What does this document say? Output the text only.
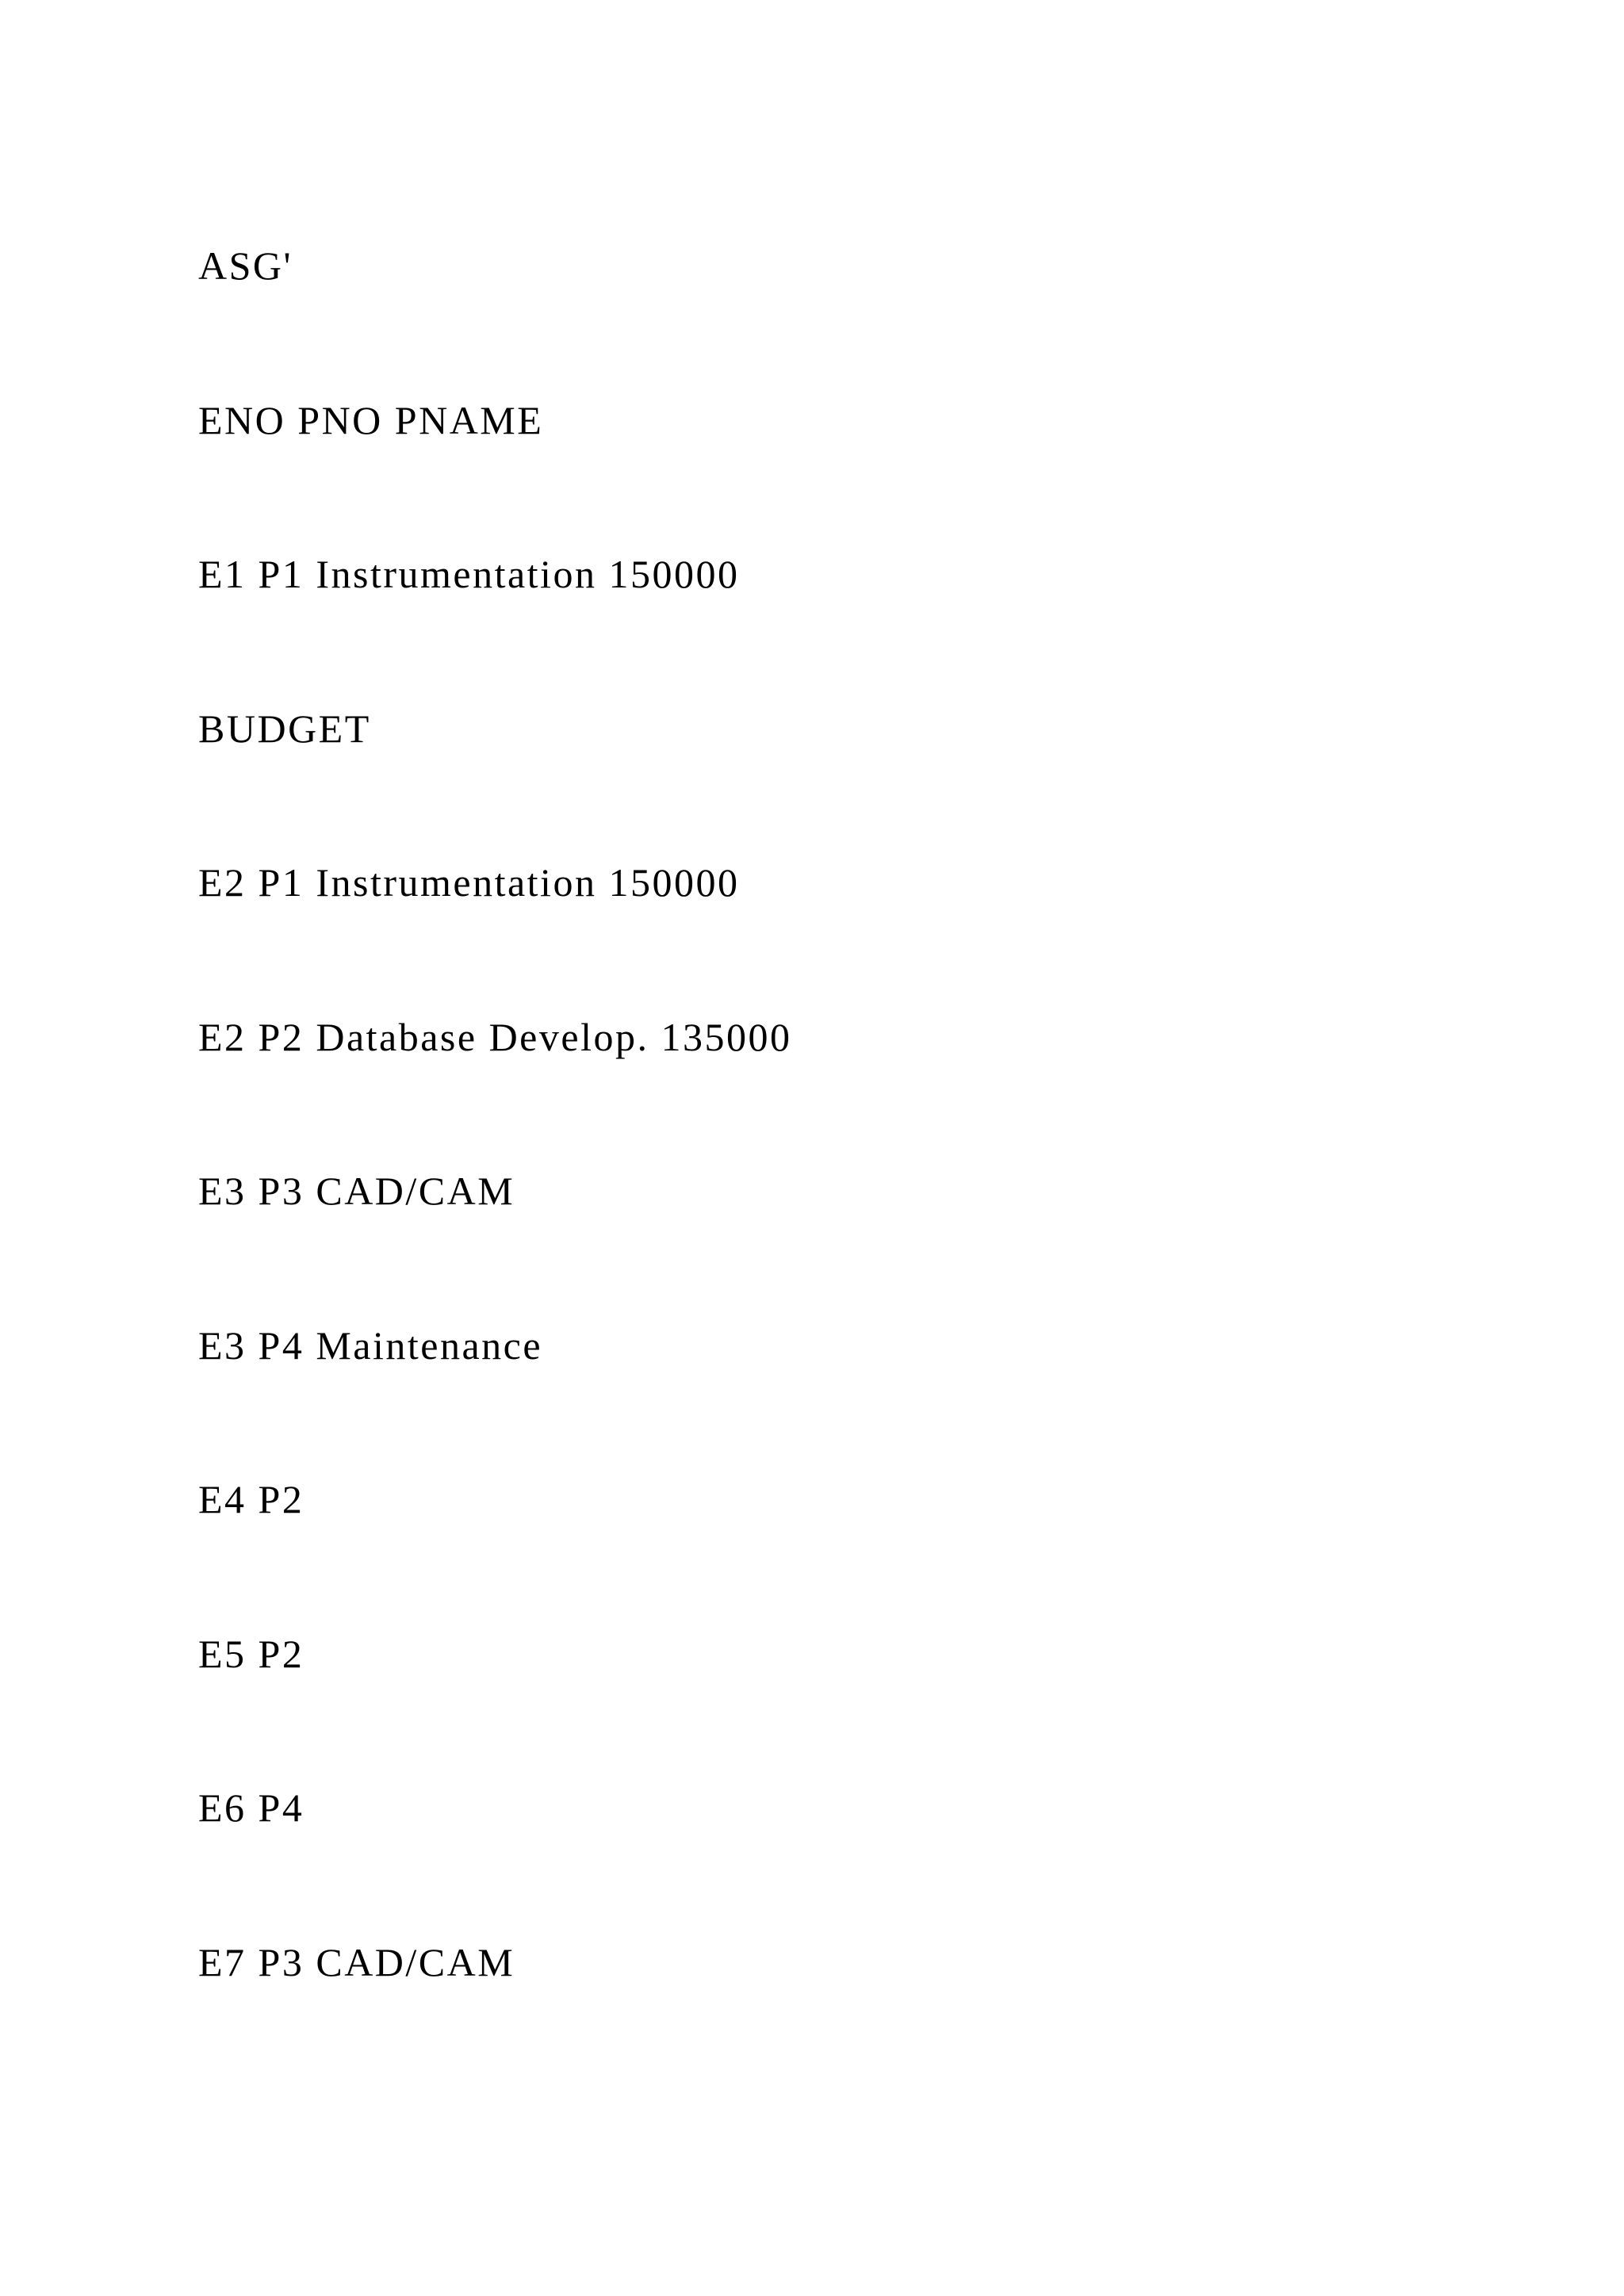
ASG'
ENO PNO PNAME
E1 P1 Instrumentation 150000
BUDGET
E2 P1 Instrumentation 150000
E2 P2 Database Develop. 135000
E3 P3 CAD/CAM
E3 P4 Maintenance
E4 P2
E5 P2
E6 P4
E7 P3 CAD/CAM
